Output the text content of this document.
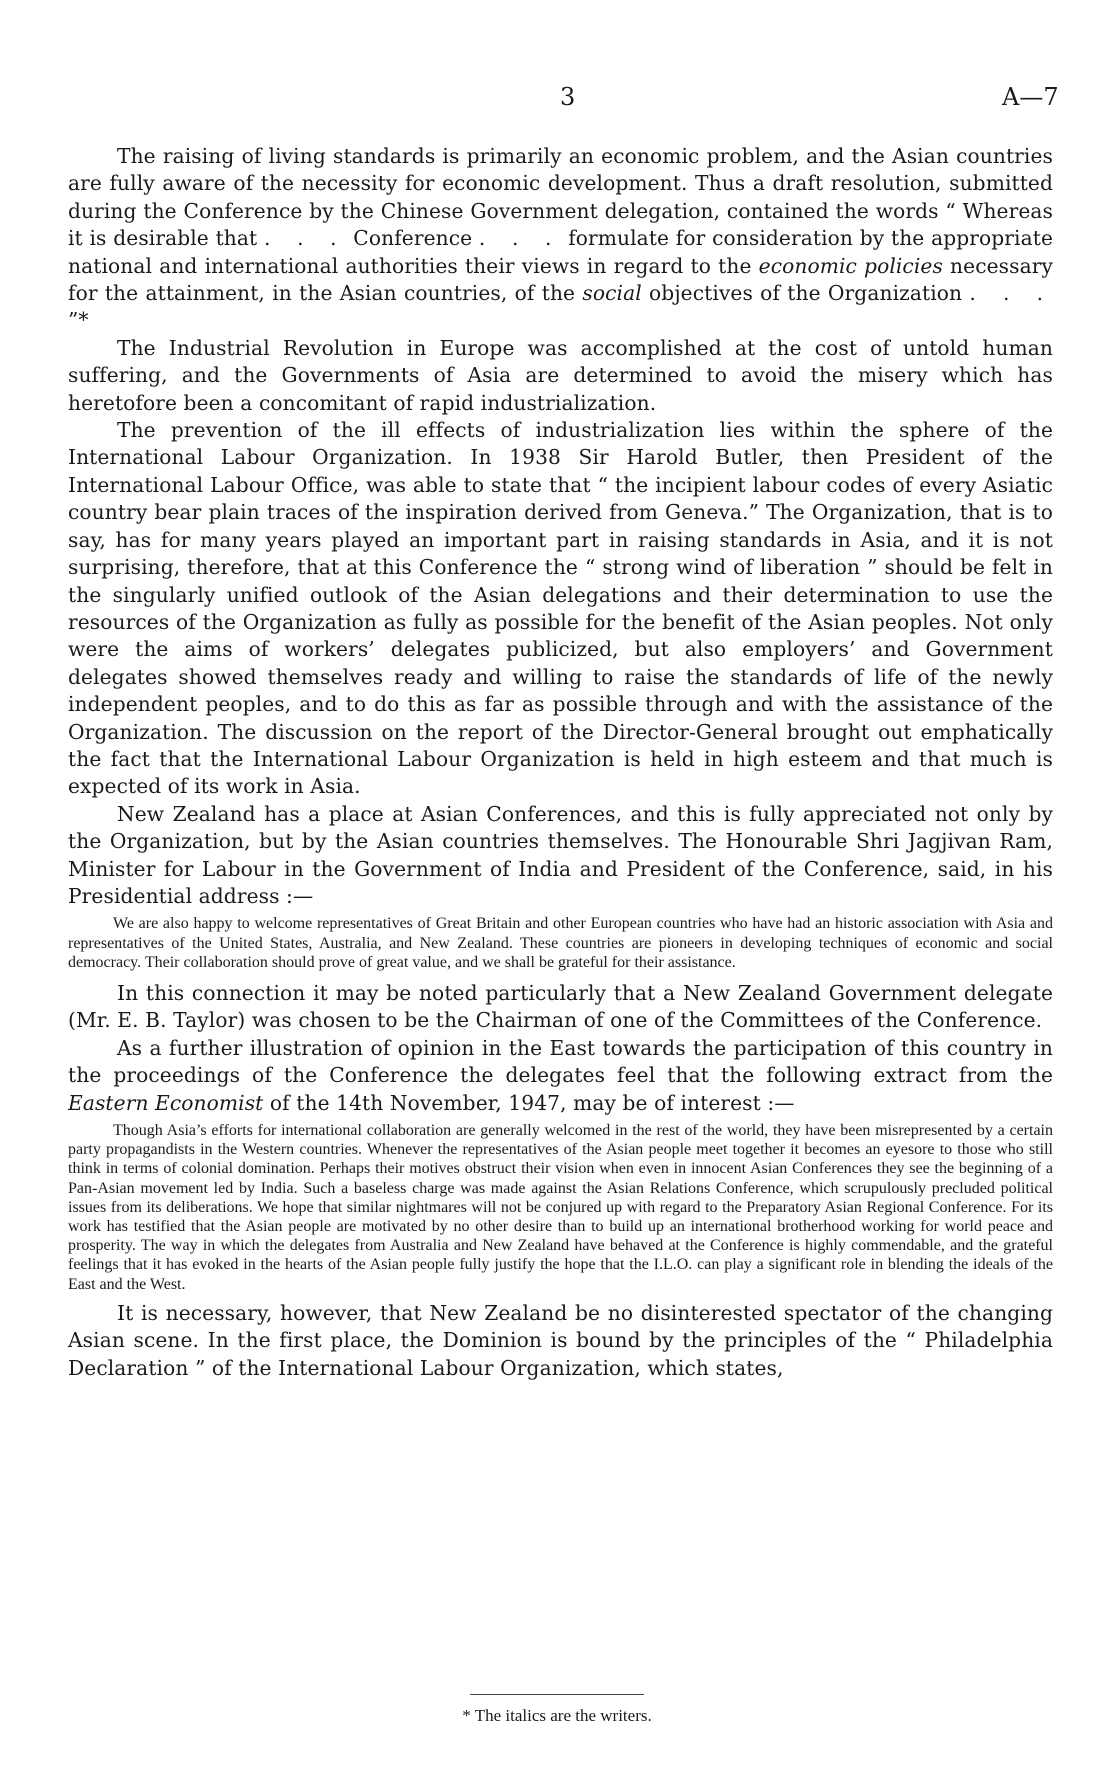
3	A—7

The raising of living standards is primarily an economic problem, and the Asian countries are fully aware of the necessity for economic development. Thus a draft resolution, submitted during the Conference by the Chinese Government delegation, contained the words “ Whereas it is desirable that . . . Conference . . . formulate for consideration by the appropriate national and international authorities their views in regard to the economic policies necessary for the attainment, in the Asian countries, of the social objectives of the Organization . . . ”*

The Industrial Revolution in Europe was accomplished at the cost of untold human suffering, and the Governments of Asia are determined to avoid the misery which has heretofore been a concomitant of rapid industrialization.

The prevention of the ill effects of industrialization lies within the sphere of the International Labour Organization. In 1938 Sir Harold Butler, then President of the International Labour Office, was able to state that “ the incipient labour codes of every Asiatic country bear plain traces of the inspiration derived from Geneva.” The Organization, that is to say, has for many years played an important part in raising standards in Asia, and it is not surprising, therefore, that at this Conference the “ strong wind of liberation ” should be felt in the singularly unified outlook of the Asian delegations and their determination to use the resources of the Organization as fully as possible for the benefit of the Asian peoples. Not only were the aims of workers’ delegates publicized, but also employers’ and Government delegates showed themselves ready and willing to raise the standards of life of the newly independent peoples, and to do this as far as possible through and with the assistance of the Organization. The discussion on the report of the Director-General brought out emphatically the fact that the International Labour Organization is held in high esteem and that much is expected of its work in Asia.

New Zealand has a place at Asian Conferences, and this is fully appreciated not only by the Organization, but by the Asian countries themselves. The Honourable Shri Jagjivan Ram, Minister for Labour in the Government of India and President of the Conference, said, in his Presidential address :—

We are also happy to welcome representatives of Great Britain and other European countries who have had an historic association with Asia and representatives of the United States, Australia, and New Zealand. These countries are pioneers in developing techniques of economic and social democracy. Their collaboration should prove of great value, and we shall be grateful for their assistance.

In this connection it may be noted particularly that a New Zealand Government delegate (Mr. E. B. Taylor) was chosen to be the Chairman of one of the Committees of the Conference.

As a further illustration of opinion in the East towards the participation of this country in the proceedings of the Conference the delegates feel that the following extract from the Eastern Economist of the 14th November, 1947, may be of interest :—

Though Asia’s efforts for international collaboration are generally welcomed in the rest of the world, they have been misrepresented by a certain party propagandists in the Western countries. Whenever the representatives of the Asian people meet together it becomes an eyesore to those who still think in terms of colonial domination. Perhaps their motives obstruct their vision when even in innocent Asian Conferences they see the beginning of a Pan-Asian movement led by India. Such a baseless charge was made against the Asian Relations Conference, which scrupulously precluded political issues from its deliberations. We hope that similar nightmares will not be conjured up with regard to the Preparatory Asian Regional Conference. For its work has testified that the Asian people are motivated by no other desire than to build up an international brotherhood working for world peace and prosperity. The way in which the delegates from Australia and New Zealand have behaved at the Conference is highly commendable, and the grateful feelings that it has evoked in the hearts of the Asian people fully justify the hope that the I.L.O. can play a significant role in blending the ideals of the East and the West.

It is necessary, however, that New Zealand be no disinterested spectator of the changing Asian scene. In the first place, the Dominion is bound by the principles of the “ Philadelphia Declaration ” of the International Labour Organization, which states,

* The italics are the writers.
